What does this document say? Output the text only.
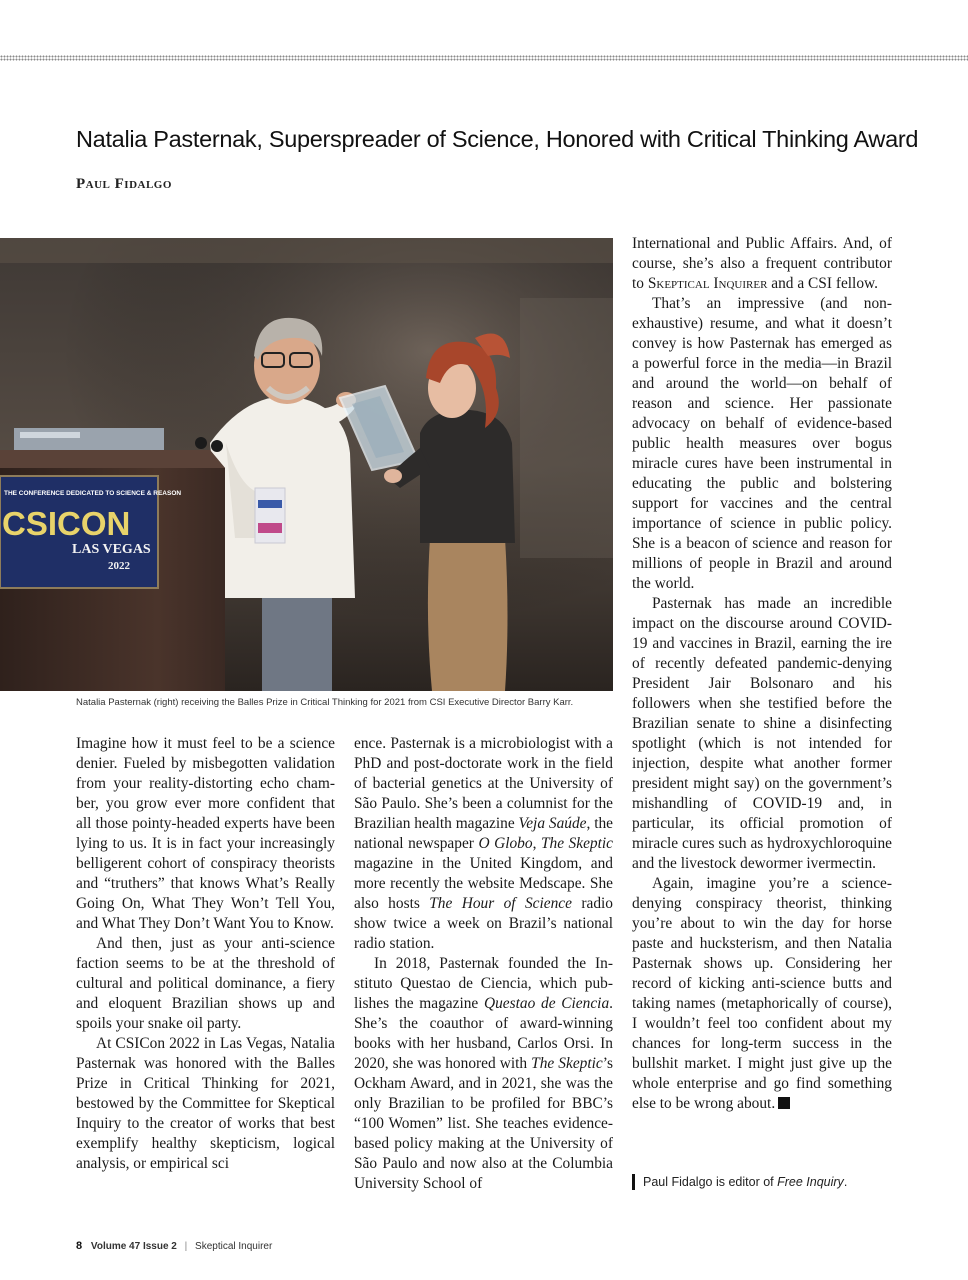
Natalia Pasternak, Superspreader of Science, Honored with Critical Thinking Award
Paul Fidalgo
THE CONFERENCE DEDICATED TO SCIENCE & REASON
CSICON
LAS VEGAS
2022
Natalia Pasternak (right) receiving the Balles Prize in Critical Thinking for 2021 from CSI Executive Director Barry Karr.

Imagine how it must feel to be a science denier. Fueled by misbegotten validation from your reality-distorting echo chamber, you grow ever more confident that all those pointy-headed experts have been lying to us. It is in fact your increasingly belligerent cohort of conspiracy theorists and “truthers” that knows What’s Really Going On, What They Won’t Tell You, and What They Don’t Want You to Know.

And then, just as your anti-science faction seems to be at the threshold of cultural and political dominance, a fiery and eloquent Brazilian shows up and spoils your snake oil party.

At CSICon 2022 in Las Vegas, Natalia Pasternak was honored with the Balles Prize in Critical Thinking for 2021, bestowed by the Committee for Skeptical Inquiry to the creator of works that best exemplify healthy skepticism, logical analysis, or empirical sci

ence. Pasternak is a microbiologist with a PhD and post-doctorate work in the field of bacterial genetics at the University of São Paulo. She’s been a columnist for the Brazilian health magazine Veja Saúde, the national newspaper O Globo, The Skeptic magazine in the United Kingdom, and more recently the website Medscape. She also hosts The Hour of Science radio show twice a week on Brazil’s national radio station.

In 2018, Pasternak founded the Instituto Questao de Ciencia, which publishes the magazine Questao de Ciencia. She’s the coauthor of award-winning books with her husband, Carlos Orsi. In 2020, she was honored with The Skeptic’s Ockham Award, and in 2021, she was the only Brazilian to be profiled for BBC’s “100 Women” list. She teaches evidence-based policy making at the University of São Paulo and now also at the Columbia University School of

International and Public Affairs. And, of course, she’s also a frequent contributor to Skeptical Inquirer and a CSI fellow.

That’s an impressive (and non-exhaustive) resume, and what it doesn’t convey is how Pasternak has emerged as a powerful force in the media—in Brazil and around the world—on behalf of reason and science. Her passionate advocacy on behalf of evidence-based public health measures over bogus miracle cures have been instrumental in educating the public and bolstering support for vaccines and the central importance of science in public policy. She is a beacon of science and reason for millions of people in Brazil and around the world.

Pasternak has made an incredible impact on the discourse around COVID-19 and vaccines in Brazil, earning the ire of recently defeated pandemic-denying President Jair Bolsonaro and his followers when she testified before the Brazilian senate to shine a disinfecting spotlight (which is not intended for injection, despite what another former president might say) on the government’s mishandling of COVID-19 and, in particular, its official promotion of miracle cures such as hydroxychloroquine and the livestock dewormer ivermectin.

Again, imagine you’re a science-denying conspiracy theorist, thinking you’re about to win the day for horse paste and hucksterism, and then Natalia Pasternak shows up. Considering her record of kicking anti-science butts and taking names (metaphorically of course), I wouldn’t feel too confident about my chances for long-term success in the bullshit market. I might just give up the whole enterprise and go find something else to be wrong about.

Paul Fidalgo is editor of Free Inquiry.
8 Volume 47 Issue 2 | Skeptical Inquirer
